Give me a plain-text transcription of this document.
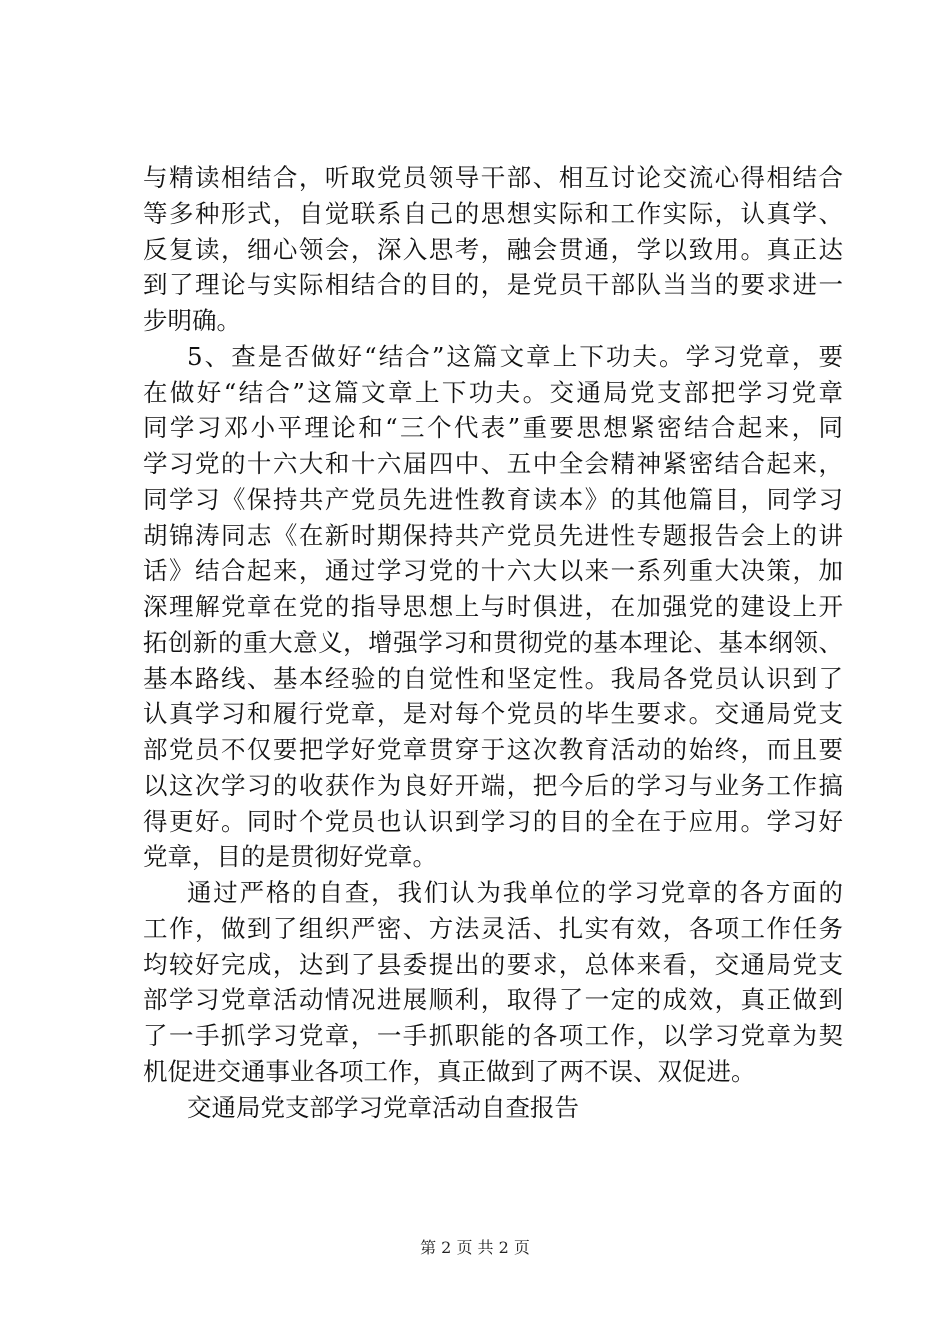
与精读相结合，听取党员领导干部、相互讨论交流心得相结合
等多种形式，自觉联系自己的思想实际和工作实际，认真学、
反复读，细心领会，深入思考，融会贯通，学以致用。真正达
到了理论与实际相结合的目的，是党员干部队当当的要求进一
步明确。
5、查是否做好“结合”这篇文章上下功夫。学习党章，要
在做好“结合”这篇文章上下功夫。交通局党支部把学习党章
同学习邓小平理论和“三个代表”重要思想紧密结合起来，同
学习党的十六大和十六届四中、五中全会精神紧密结合起来，
同学习《保持共产党员先进性教育读本》的其他篇目，同学习
胡锦涛同志《在新时期保持共产党员先进性专题报告会上的讲
话》结合起来，通过学习党的十六大以来一系列重大决策，加
深理解党章在党的指导思想上与时俱进，在加强党的建设上开
拓创新的重大意义，增强学习和贯彻党的基本理论、基本纲领、
基本路线、基本经验的自觉性和坚定性。我局各党员认识到了
认真学习和履行党章，是对每个党员的毕生要求。交通局党支
部党员不仅要把学好党章贯穿于这次教育活动的始终，而且要
以这次学习的收获作为良好开端，把今后的学习与业务工作搞
得更好。同时个党员也认识到学习的目的全在于应用。学习好
党章，目的是贯彻好党章。
通过严格的自查，我们认为我单位的学习党章的各方面的
工作，做到了组织严密、方法灵活、扎实有效，各项工作任务
均较好完成，达到了县委提出的要求，总体来看，交通局党支
部学习党章活动情况进展顺利，取得了一定的成效，真正做到
了一手抓学习党章，一手抓职能的各项工作，以学习党章为契
机促进交通事业各项工作，真正做到了两不误、双促进。
交通局党支部学习党章活动自查报告
第 2 页 共 2 页
